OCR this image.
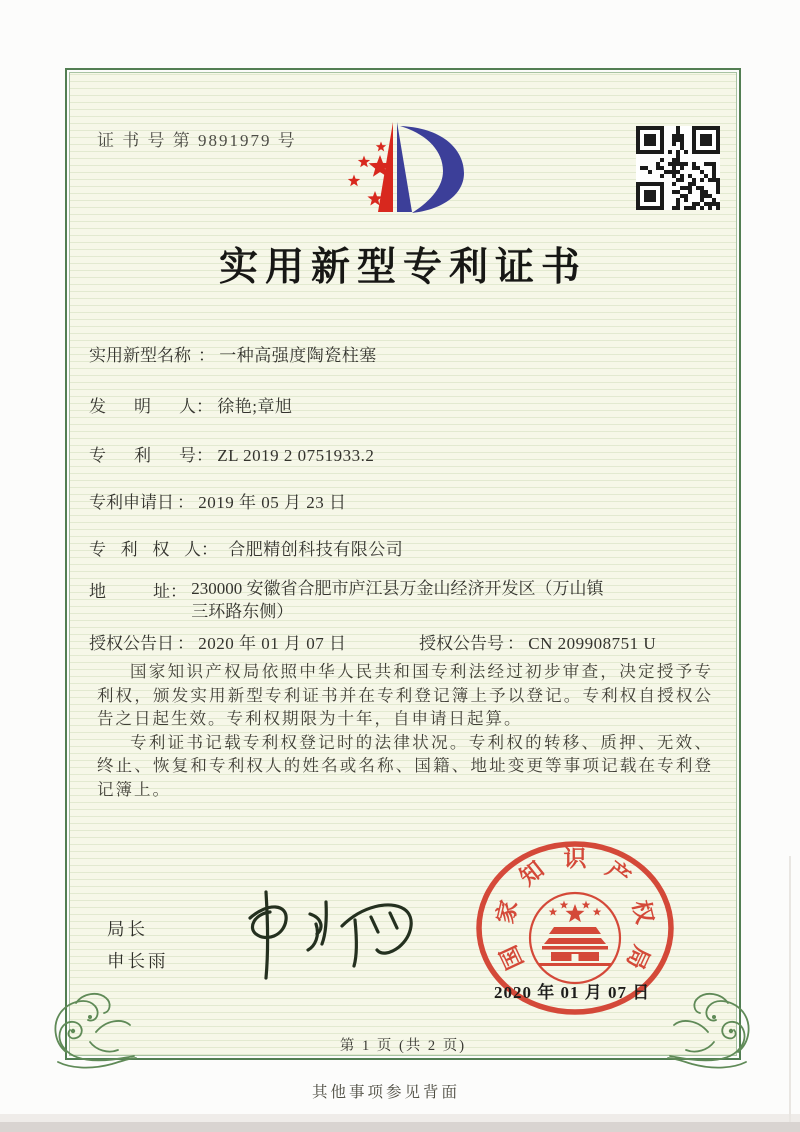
证 书 号 第 9891979 号
实用新型专利证书
实用新型名称 ： 一种高强度陶瓷柱塞
发明人： 徐艳;章旭
专利号： ZL 2019 2 0751933.2
专利申请日 ： 2019 年 05 月 23 日
专利权人： 合肥精创科技有限公司
地址： 230000 安徽省合肥市庐江县万金山经济开发区（万山镇
三环路东侧）
授权公告日 ： 2020 年 01 月 07 日	授权公告号 ： CN 209908751 U

国家知识产权局依照中华人民共和国专利法经过初步审查，决定授予专利权，颁发实用新型专利证书并在专利登记簿上予以登记。专利权自授权公告之日起生效。专利权期限为十年，自申请日起算。

专利证书记载专利权登记时的法律状况。专利权的转移、质押、无效、终止、恢复和专利权人的姓名或名称、国籍、地址变更等事项记载在专利登记簿上。

局长
申长雨	国
家
知 识 产
权
局
2020 年 01 月 07 日
第 1 页 (共 2 页)
其他事项参见背面
